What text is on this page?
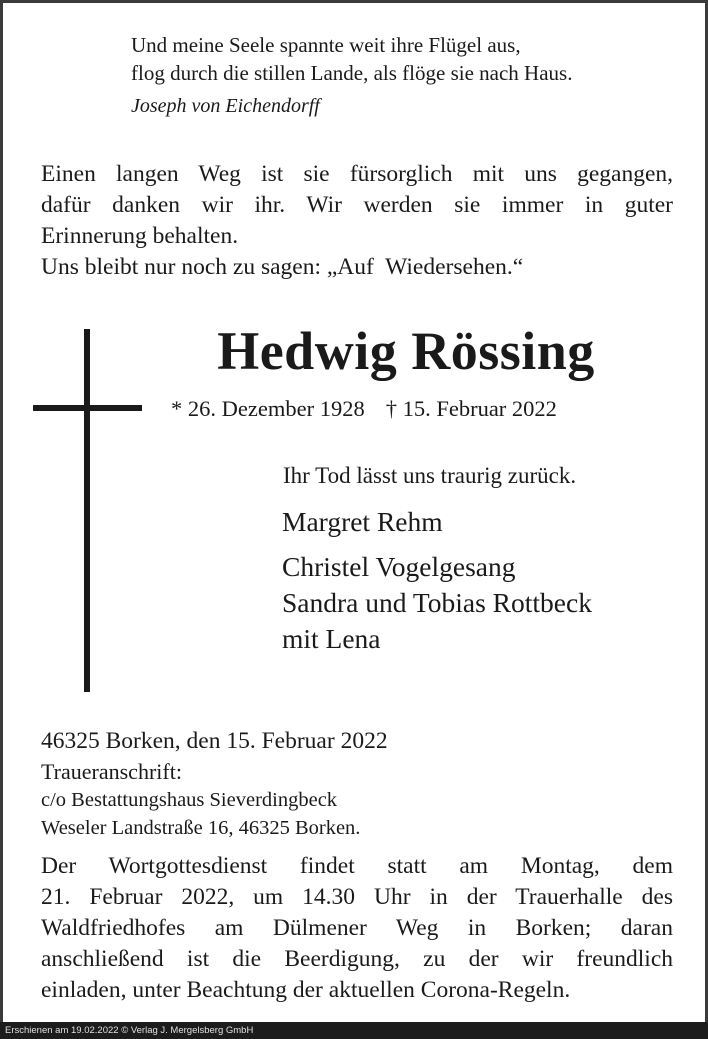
Und meine Seele spannte weit ihre Flügel aus,
flog durch die stillen Lande, als flöge sie nach Haus.
Joseph von Eichendorff

Einen langen Weg ist sie fürsorglich mit uns gegangen,

dafür danken wir ihr. Wir werden sie immer in guter

Erinnerung behalten.

Uns bleibt nur noch zu sagen: „Auf  Wiedersehen.“

Hedwig Rössing
* 26. Dezember 1928 † 15. Februar 2022
Ihr Tod lässt uns traurig zurück.
Margret Rehm
Christel Vogelgesang
Sandra und Tobias Rottbeck
mit Lena
46325 Borken, den 15. Februar 2022
Traueranschrift:
c/o Bestattungshaus Sieverdingbeck
Weseler Landstraße 16, 46325 Borken.
Der Wortgottesdienst findet statt am Montag, dem
21. Februar 2022, um 14.30 Uhr in der Trauerhalle des
Waldfriedhofes am Dülmener Weg in Borken; daran
anschließend ist die Beerdigung, zu der wir freundlich
einladen, unter Beachtung der aktuellen Corona-Regeln.
Erschienen am 19.02.2022 © Verlag J. Mergelsberg GmbH
